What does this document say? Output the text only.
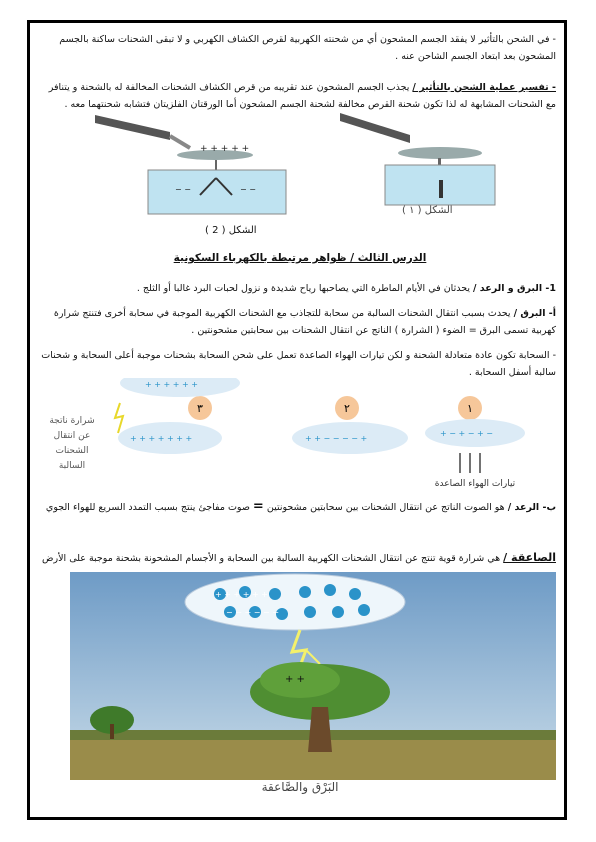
- في الشحن بالتأثير لا يفقد الجسم المشحون أي من شحنته الكهربية لقرص الكشاف الكهربي و لا تبقى الشحنات ساكنة بالجسم المشحون بعد ابتعاد الجسم الشاحن عنه .
- تفسير عملية الشحن بالتأثير / يجذب الجسم المشحون عند تقريبه من قرص الكشاف الشحنات المخالفة له بالشحنة و يتنافر مع الشحنات المشابهة له لذا تكون شحنة القرص مخالفة لشحنة الجسم المشحون أما الورقتان الفلزيتان فتشابه شحنتهما معه .
+ + + + +
− −	− −
الشكل ( ١ )
الشكل ( 2 )
الدرس الثالث / ظواهر مرتبطة بالكهرباء السكونية
1- البرق و الرعد / يحدثان في الأيام الماطرة التي يصاحبها رياح شديدة و نزول لحبات البرد غالبا أو الثلج .
أ- البرق / يحدث بسبب انتقال الشحنات السالبة من سحابة للتجاذب مع الشحنات الكهربية الموجبة في سحابة أخرى فتنتج شرارة كهربية تسمى البرق = الضوء ( الشرارة ) الناتج عن انتقال الشحنات بين سحابتين مشحونتين .
- السحابة تكون عادة متعادلة الشحنة و لكن تيارات الهواء الصاعدة تعمل على شحن السحابة بشحنات موجبة أعلى السحابة و شحنات سالبة أسفل السحابة .
٣	٢	١
+ + + + + +
+ + + + + + +	+ + − − − − +
+ − + − + −
تيارات الهواء الصاعدة
شرارة ناتجة
عن انتقال
الشحنات
السالبة
ب- الرعد / هو الصوت الناتج عن انتقال الشحنات بين سحابتين مشحونتين = صوت مفاجئ ينتج بسبب التمدد السريع للهواء الجوي
الصاعقة / هي شرارة قوية تنتج عن انتقال الشحنات الكهربية السالبة بين السحابة و الأجسام المشحونة بشحنة موجبة على الأرض
+ + + + + +
− − − − − −
+ +
البَرْق والصَّاعقة
